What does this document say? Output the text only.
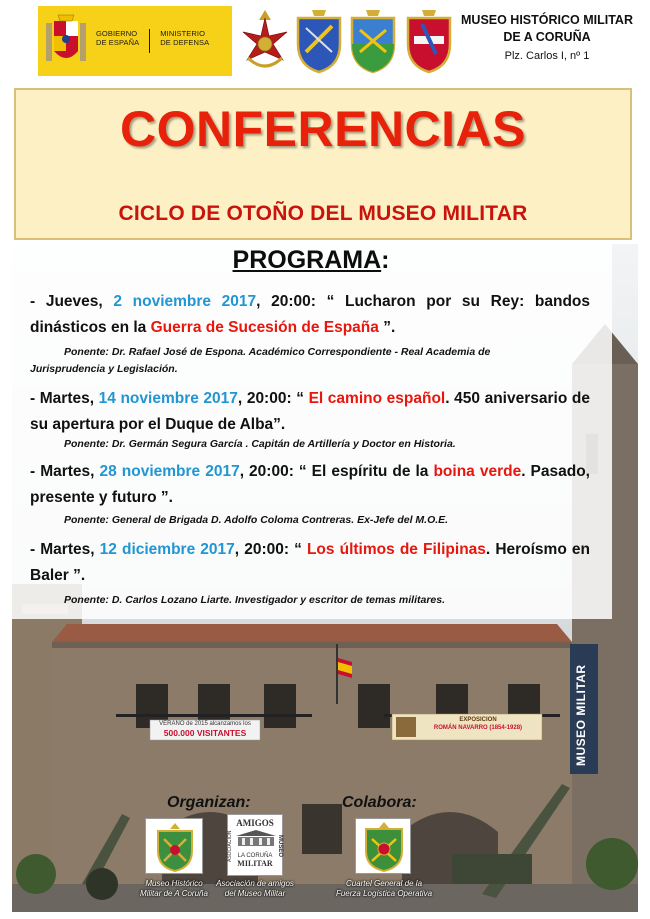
GOBIERNO
DE ESPAÑA
MINISTERIO
DE DEFENSA
MUSEO HISTÓRICO MILITAR
DE A CORUÑA
Plz. Carlos I, nº 1
CONFERENCIAS
CICLO DE OTOÑO DEL MUSEO MILITAR
VERANO de 2015 alcanzamos los
500.000 VISITANTES
EXPOSICION
ROMÁN NAVARRO (1854-1928)	MUSEO MILITAR
PROGRAMA:
- Jueves, 2 noviembre 2017, 20:00: “ Lucharon por su Rey: bandos dinásticos en la Guerra de Sucesión de España ”.
Ponente: Dr. Rafael José de Espona. Académico Correspondiente - Real Academia de
Jurisprudencia y Legislación.
- Martes, 14 noviembre 2017, 20:00: “ El camino español. 450 aniversario de su apertura por el Duque de Alba”.
Ponente: Dr. Germán Segura García . Capitán de Artillería y Doctor en Historia.
- Martes, 28 noviembre 2017, 20:00: “ El espíritu de la boina verde. Pasado, presente y futuro ”.
Ponente: General de Brigada D. Adolfo Coloma Contreras. Ex-Jefe del M.O.E.
- Martes, 12 diciembre 2017, 20:00: “ Los últimos de Filipinas. Heroísmo en Baler ”.
Ponente: D. Carlos Lozano Liarte. Investigador y escritor de temas militares.
Organizan:	Colabora:
AMIGOS
LA CORUÑA
MILITAR
ASOCIACIÓN	MUSEO
Museo Histórico
Militar de A Coruña
Asociación de amigos
del Museo Militar
Cuartel General de la
Fuerza Logística Operativa
